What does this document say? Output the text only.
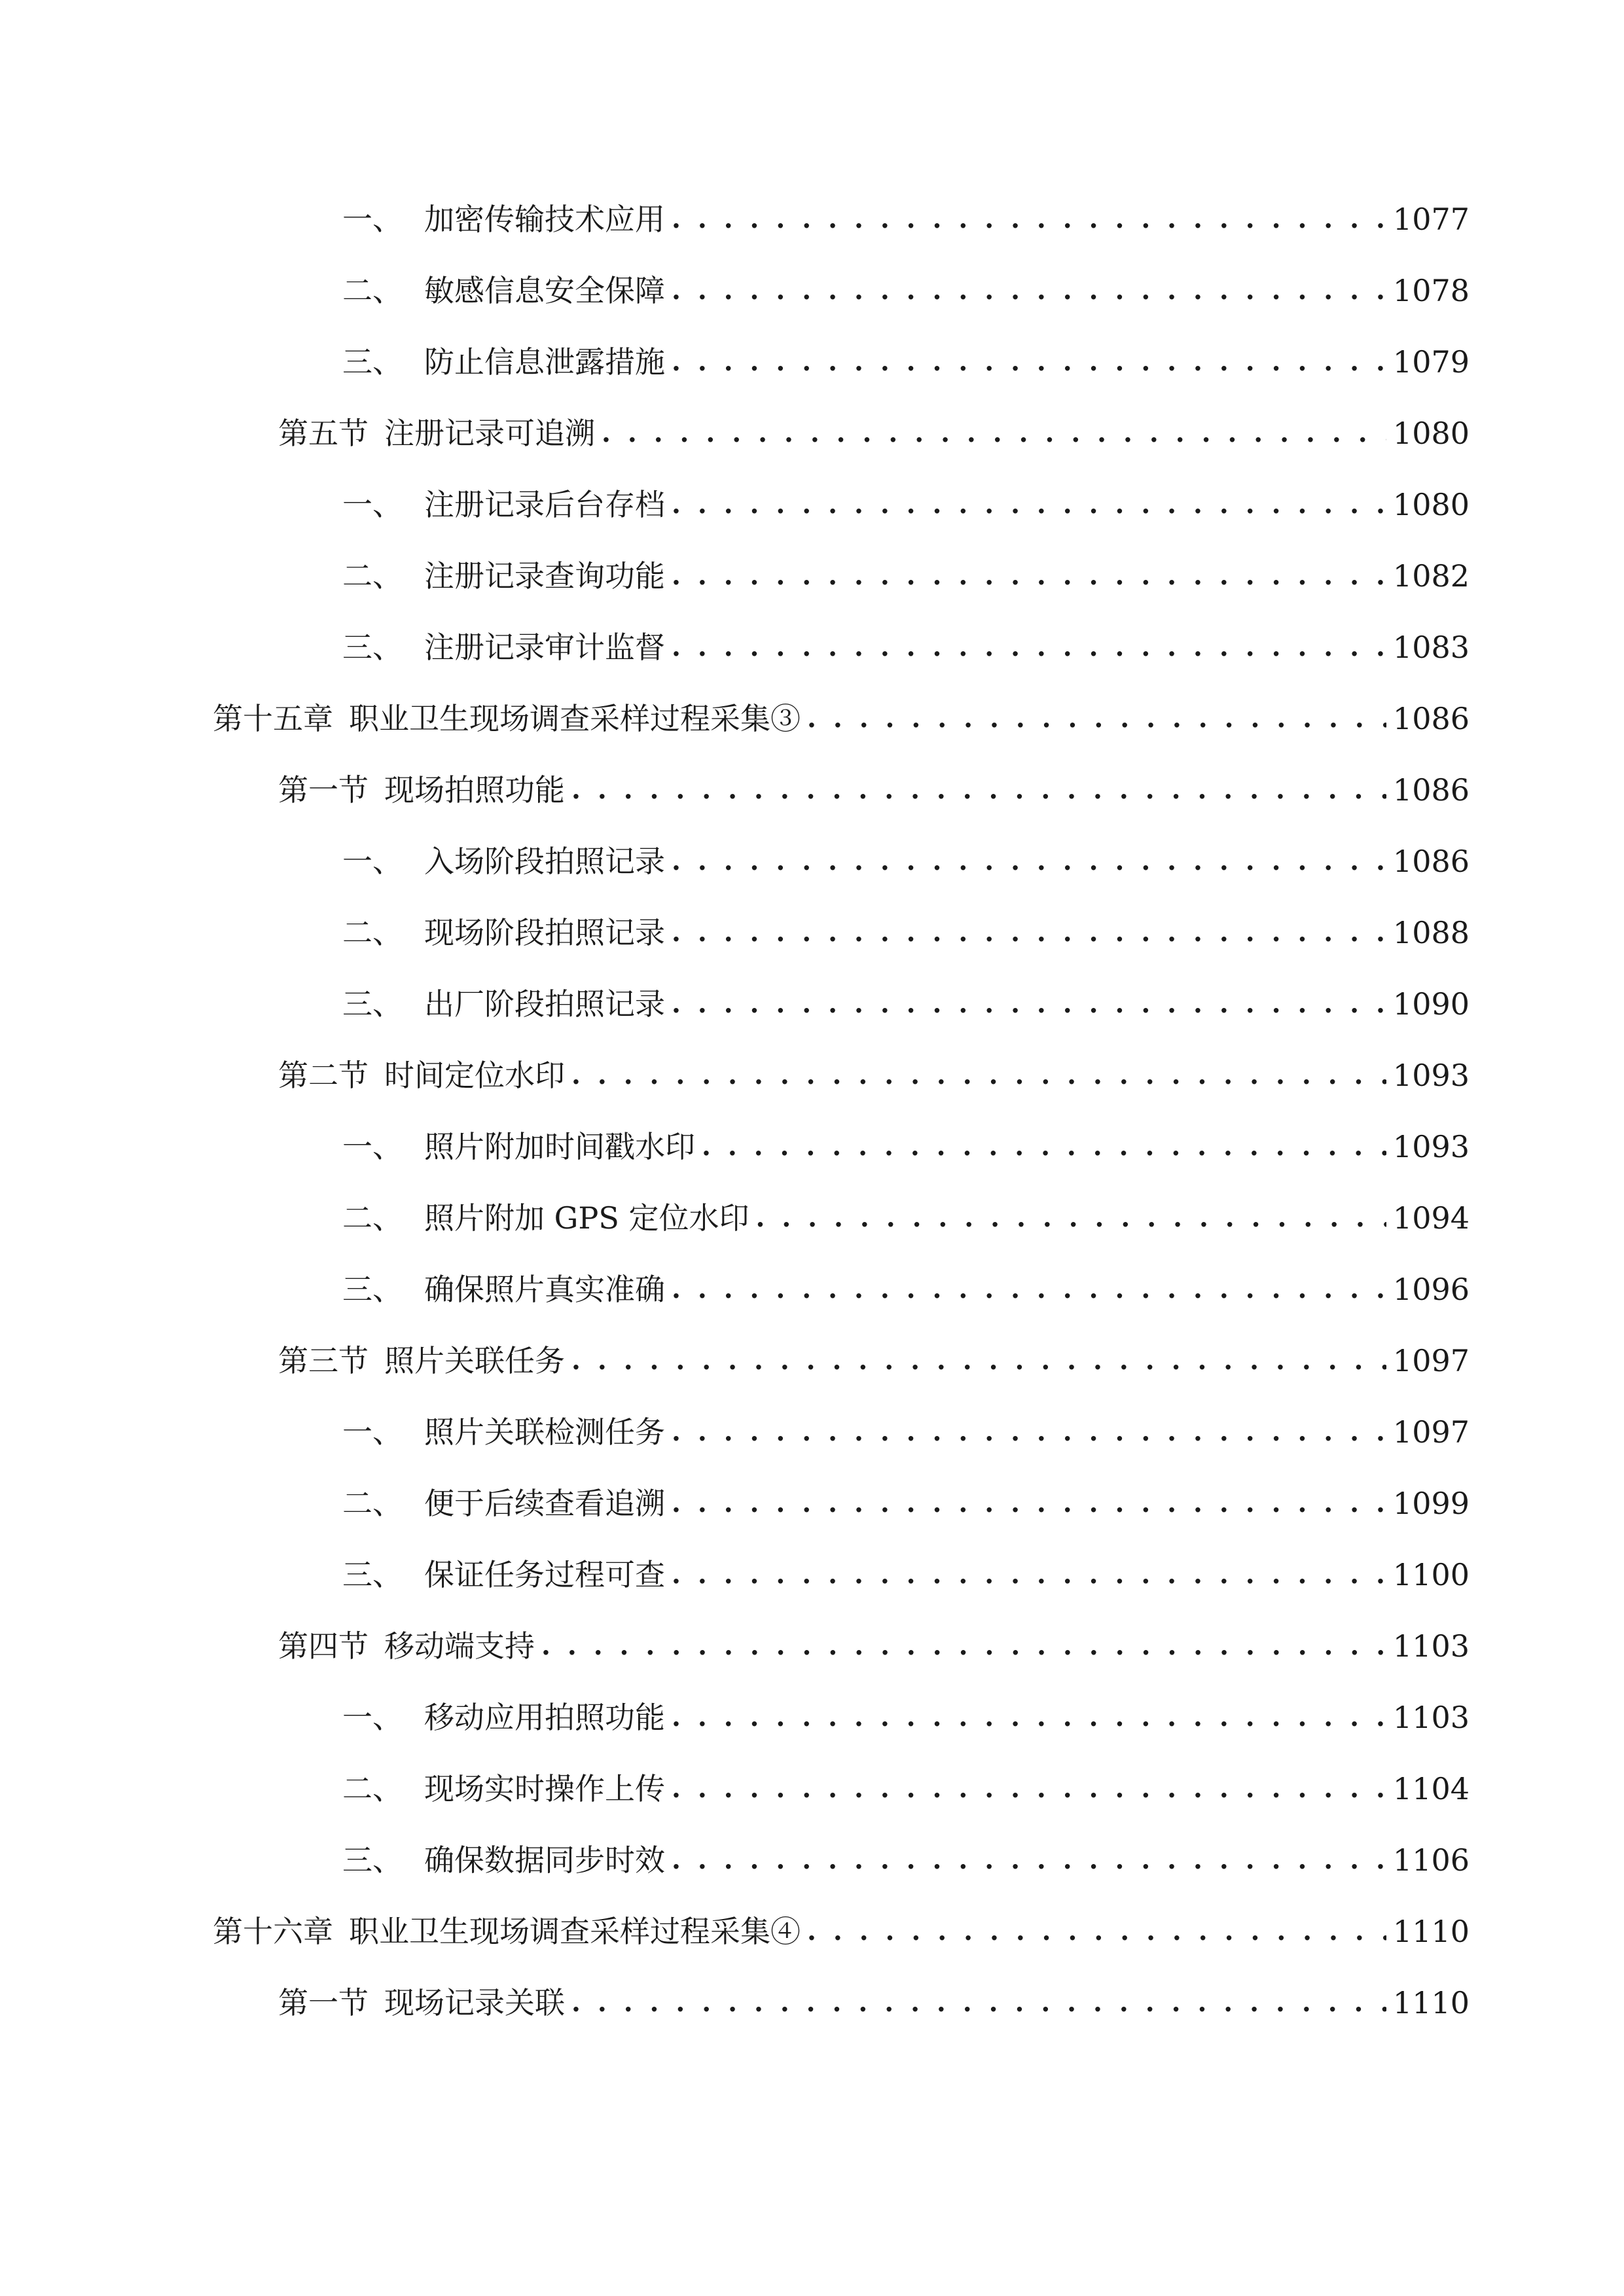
一、 加密传输技术应用 . . .	1077
二、 敏感信息安全保障 . . .	1078
三、 防止信息泄露措施 . . .	1079
第五节 注册记录可追溯 . . .	1080
一、 注册记录后台存档 . . .	1080
二、 注册记录查询功能 . . .	1082
三、 注册记录审计监督 . . .	1083
第十五章 职业卫生现场调查采样过程采集③ . . .	1086
第一节 现场拍照功能 . . .	1086
一、 入场阶段拍照记录 . . .	1086
二、 现场阶段拍照记录 . . .	1088
三、 出厂阶段拍照记录 . . .	1090
第二节 时间定位水印 . . .	1093
一、 照片附加时间戳水印 . . .	1093
二、 照片附加 GPS 定位水印 . . .	1094
三、 确保照片真实准确 . . .	1096
第三节 照片关联任务 . . .	1097
一、 照片关联检测任务 . . .	1097
二、 便于后续查看追溯 . . .	1099
三、 保证任务过程可查 . . .	1100
第四节 移动端支持 . . .	1103
一、 移动应用拍照功能 . . .	1103
二、 现场实时操作上传 . . .	1104
三、 确保数据同步时效 . . .	1106
第十六章 职业卫生现场调查采样过程采集④ . . .	1110
第一节 现场记录关联 . . .	1110
